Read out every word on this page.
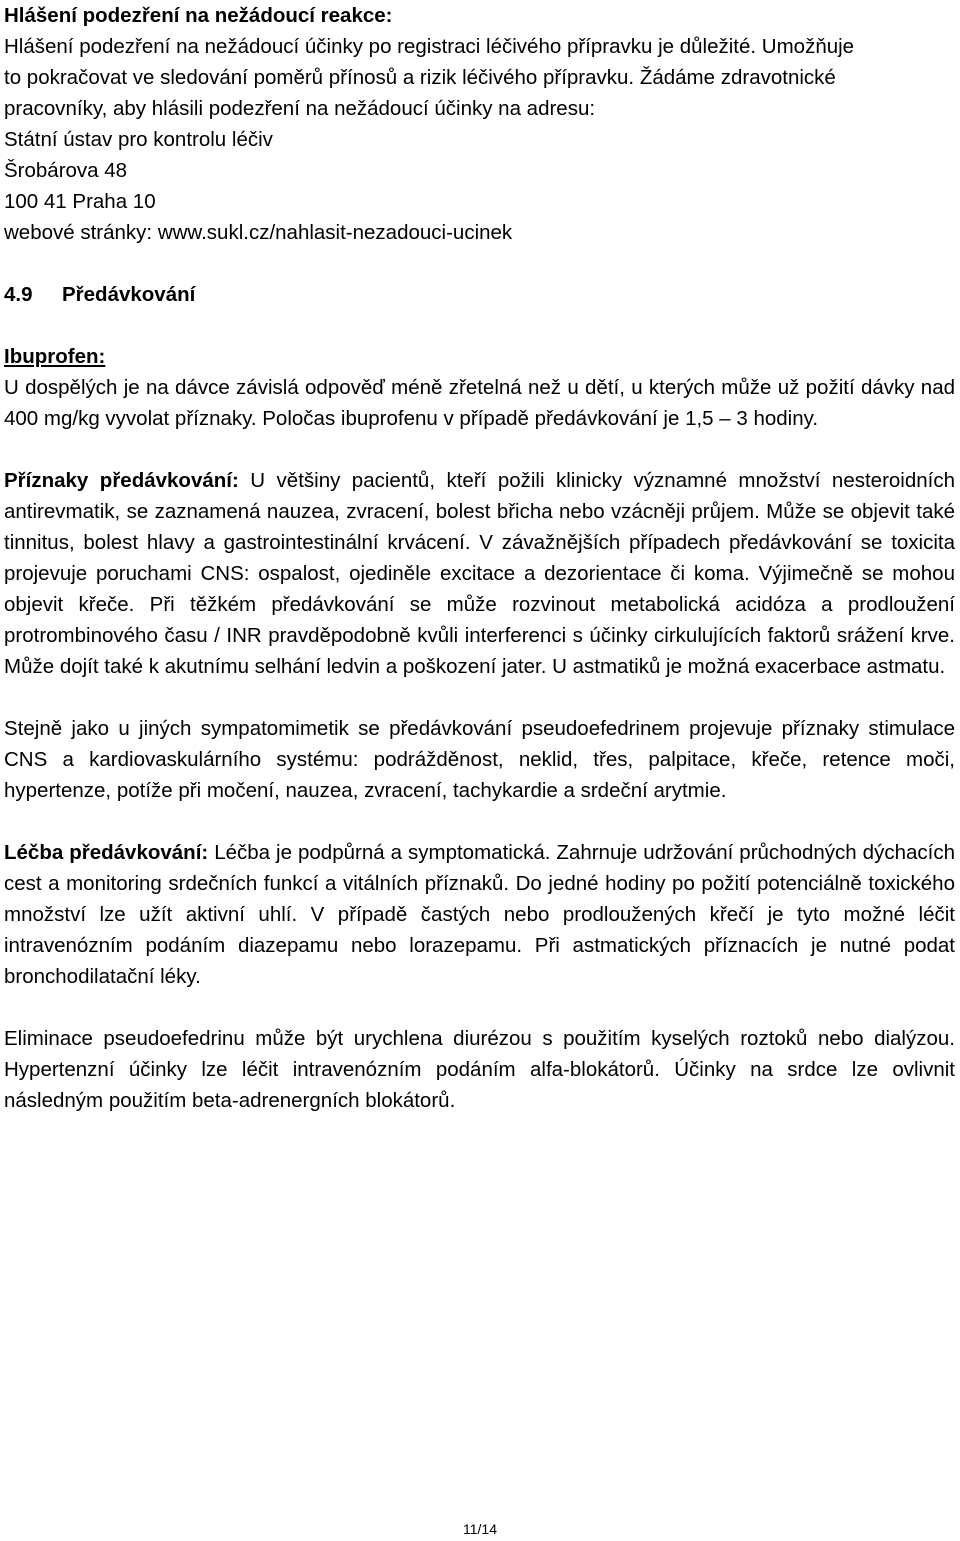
Hlášení podezření na nežádoucí reakce:
Hlášení podezření na nežádoucí účinky po registraci léčivého přípravku je důležité. Umožňuje
to pokračovat ve sledování poměrů přínosů a rizik léčivého přípravku. Žádáme zdravotnické
pracovníky, aby hlásili podezření na nežádoucí účinky na adresu:
Státní ústav pro kontrolu léčiv
Šrobárova 48
100 41 Praha 10
webové stránky: www.sukl.cz/nahlasit-nezadouci-ucinek
4.9 Předávkování
Ibuprofen:
U dospělých je na dávce závislá odpověď méně zřetelná než u dětí, u kterých může už požití dávky nad 400 mg/kg vyvolat příznaky. Poločas ibuprofenu v případě předávkování je 1,5 – 3 hodiny.
Příznaky předávkování: U většiny pacientů, kteří požili klinicky významné množství nesteroidních antirevmatik, se zaznamená nauzea, zvracení, bolest břicha nebo vzácněji průjem. Může se objevit také tinnitus, bolest hlavy a gastrointestinální krvácení. V závažnějších případech předávkování se toxicita projevuje poruchami CNS: ospalost, ojediněle excitace a dezorientace či koma. Výjimečně se mohou objevit křeče. Při těžkém předávkování se může rozvinout metabolická acidóza a prodloužení protrombinového času / INR pravděpodobně kvůli interferenci s účinky cirkulujících faktorů srážení krve. Může dojít také k akutnímu selhání ledvin a poškození jater. U astmatiků je možná exacerbace astmatu.
Stejně jako u jiných sympatomimetik se předávkování pseudoefedrinem projevuje příznaky stimulace CNS a kardiovaskulárního systému: podrážděnost, neklid, třes, palpitace, křeče, retence moči, hypertenze, potíže při močení, nauzea, zvracení, tachykardie a srdeční arytmie.
Léčba předávkování: Léčba je podpůrná a symptomatická. Zahrnuje udržování průchodných dýchacích cest a monitoring srdečních funkcí a vitálních příznaků. Do jedné hodiny po požití potenciálně toxického množství lze užít aktivní uhlí. V případě častých nebo prodloužených křečí je tyto možné léčit intravenózním podáním diazepamu nebo lorazepamu. Při astmatických příznacích je nutné podat bronchodilatační léky.
Eliminace pseudoefedrinu může být urychlena diurézou s použitím kyselých roztoků nebo dialýzou. Hypertenzní účinky lze léčit intravenózním podáním alfa-blokátorů. Účinky na srdce lze ovlivnit následným použitím beta-adrenergních blokátorů.
11/14
